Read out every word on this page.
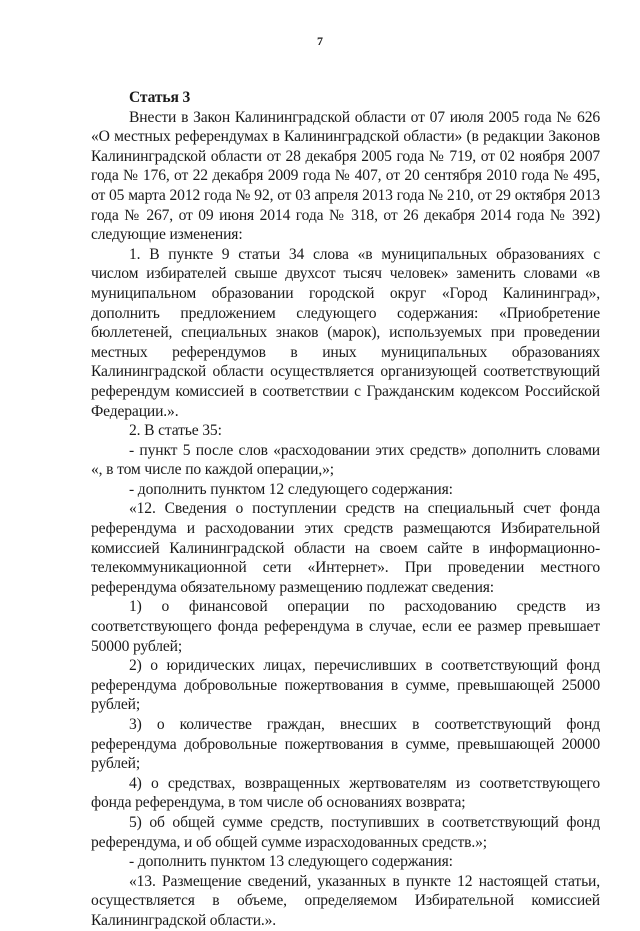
7

Статья 3

Внести в Закон Калининградской области от 07 июля 2005 года № 626 «О местных референдумах в Калининградской области» (в редакции Законов Калининградской области от 28 декабря 2005 года № 719, от 02 ноября 2007 года № 176, от 22 декабря 2009 года № 407, от 20 сентября 2010 года № 495, от 05 марта 2012 года № 92, от 03 апреля 2013 года № 210, от 29 октября 2013 года № 267, от 09 июня 2014 года № 318, от 26 декабря 2014 года № 392) следующие изменения:

1. В пункте 9 статьи 34 слова «в муниципальных образованиях с числом избирателей свыше двухсот тысяч человек» заменить словами «в муниципальном образовании городской округ «Город Калининград», дополнить предложением следующего содержания: «Приобретение бюллетеней, специальных знаков (марок), используемых при проведении местных референдумов в иных муниципальных образованиях Калининградской области осуществляется организующей соответствующий референдум комиссией в соответствии с Гражданским кодексом Российской Федерации.».

2. В статье 35:

- пункт 5 после слов «расходовании этих средств» дополнить словами «, в том числе по каждой операции,»;

- дополнить пунктом 12 следующего содержания:

«12. Сведения о поступлении средств на специальный счет фонда референдума и расходовании этих средств размещаются Избирательной комиссией Калининградской области на своем сайте в информационно-телекоммуникационной сети «Интернет». При проведении местного референдума обязательному размещению подлежат сведения:

1) о финансовой операции по расходованию средств из соответствующего фонда референдума в случае, если ее размер превышает 50000 рублей;

2) о юридических лицах, перечисливших в соответствующий фонд референдума добровольные пожертвования в сумме, превышающей 25000 рублей;

3) о количестве граждан, внесших в соответствующий фонд референдума добровольные пожертвования в сумме, превышающей 20000 рублей;

4) о средствах, возвращенных жертвователям из соответствующего фонда референдума, в том числе об основаниях возврата;

5) об общей сумме средств, поступивших в соответствующий фонд референдума, и об общей сумме израсходованных средств.»;

- дополнить пунктом 13 следующего содержания:

«13. Размещение сведений, указанных в пункте 12 настоящей статьи, осуществляется в объеме, определяемом Избирательной комиссией Калининградской области.».
